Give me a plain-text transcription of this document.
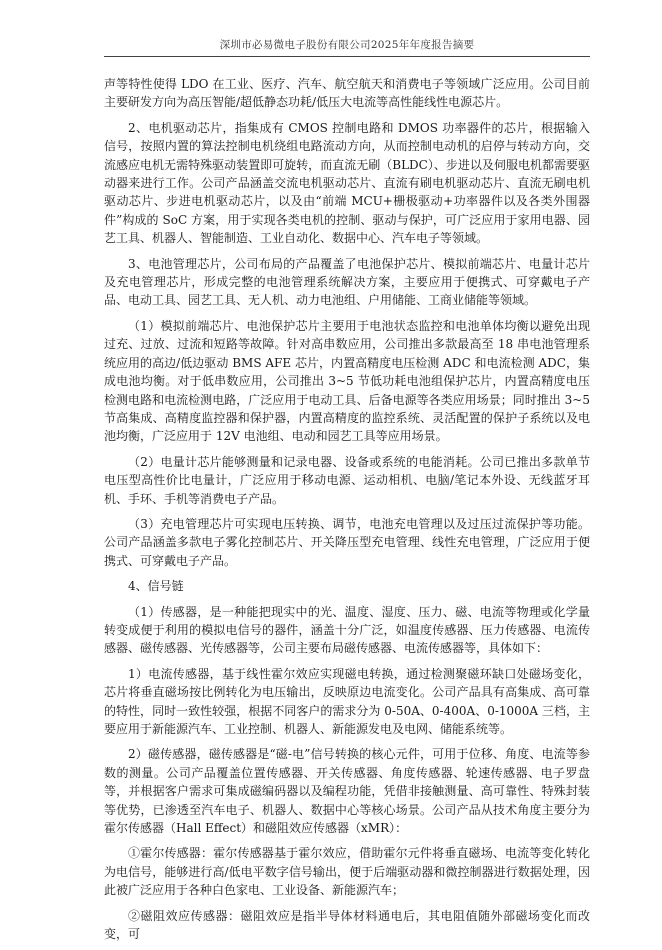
深圳市必易微电子股份有限公司2025年年度报告摘要

声等特性使得 LDO 在工业、医疗、汽车、航空航天和消费电子等领域广泛应用。公司目前主要研发方向为高压智能/超低静态功耗/低压大电流等高性能线性电源芯片。

2、电机驱动芯片，指集成有 CMOS 控制电路和 DMOS 功率器件的芯片，根据输入信号，按照内置的算法控制电机绕组电路流动方向，从而控制电动机的启停与转动方向，交流感应电机无需特殊驱动装置即可旋转，而直流无刷（BLDC）、步进以及伺服电机都需要驱动器来进行工作。公司产品涵盖交流电机驱动芯片、直流有刷电机驱动芯片、直流无刷电机驱动芯片、步进电机驱动芯片，以及由“前端 MCU+栅极驱动+功率器件以及各类外围器件”构成的 SoC 方案，用于实现各类电机的控制、驱动与保护，可广泛应用于家用电器、园艺工具、机器人、智能制造、工业自动化、数据中心、汽车电子等领域。

3、电池管理芯片，公司布局的产品覆盖了电池保护芯片、模拟前端芯片、电量计芯片及充电管理芯片，形成完整的电池管理系统解决方案，主要应用于便携式、可穿戴电子产品、电动工具、园艺工具、无人机、动力电池组、户用储能、工商业储能等领域。

（1）模拟前端芯片、电池保护芯片主要用于电池状态监控和电池单体均衡以避免出现过充、过放、过流和短路等故障。针对高串数应用，公司推出多款最高至 18 串电池管理系统应用的高边/低边驱动 BMS AFE 芯片，内置高精度电压检测 ADC 和电流检测 ADC，集成电池均衡。对于低串数应用，公司推出 3~5 节低功耗电池组保护芯片，内置高精度电压检测电路和电流检测电路，广泛应用于电动工具、后备电源等各类应用场景；同时推出 3~5 节高集成、高精度监控器和保护器，内置高精度的监控系统、灵活配置的保护子系统以及电池均衡，广泛应用于 12V 电池组、电动和园艺工具等应用场景。

（2）电量计芯片能够测量和记录电器、设备或系统的电能消耗。公司已推出多款单节电压型高性价比电量计，广泛应用于移动电源、运动相机、电脑/笔记本外设、无线蓝牙耳机、手环、手机等消费电子产品。

（3）充电管理芯片可实现电压转换、调节，电池充电管理以及过压过流保护等功能。公司产品涵盖多款电子雾化控制芯片、开关降压型充电管理、线性充电管理，广泛应用于便携式、可穿戴电子产品。

4、信号链

（1）传感器，是一种能把现实中的光、温度、湿度、压力、磁、电流等物理或化学量转变成便于利用的模拟电信号的器件，涵盖十分广泛，如温度传感器、压力传感器、电流传感器、磁传感器、光传感器等，公司主要布局磁传感器、电流传感器等，具体如下：

1）电流传感器，基于线性霍尔效应实现磁电转换，通过检测聚磁环缺口处磁场变化，芯片将垂直磁场按比例转化为电压输出，反映原边电流变化。公司产品具有高集成、高可靠的特性，同时一致性较强，根据不同客户的需求分为 0-50A、0-400A、0-1000A 三档，主要应用于新能源汽车、工业控制、机器人、新能源发电及电网、储能系统等。

2）磁传感器，磁传感器是“磁-电”信号转换的核心元件，可用于位移、角度、电流等参数的测量。公司产品覆盖位置传感器、开关传感器、角度传感器、轮速传感器、电子罗盘等，并根据客户需求可集成磁编码器以及编程功能，凭借非接触测量、高可靠性、特殊封装等优势，已渗透至汽车电子、机器人、数据中心等核心场景。公司产品从技术角度主要分为霍尔传感器（Hall Effect）和磁阻效应传感器（xMR）：

①霍尔传感器：霍尔传感器基于霍尔效应，借助霍尔元件将垂直磁场、电流等变化转化为电信号，能够进行高/低电平数字信号输出，便于后端驱动器和微控制器进行数据处理，因此被广泛应用于各种白色家电、工业设备、新能源汽车；

②磁阻效应传感器：磁阻效应是指半导体材料通电后，其电阻值随外部磁场变化而改变，可
